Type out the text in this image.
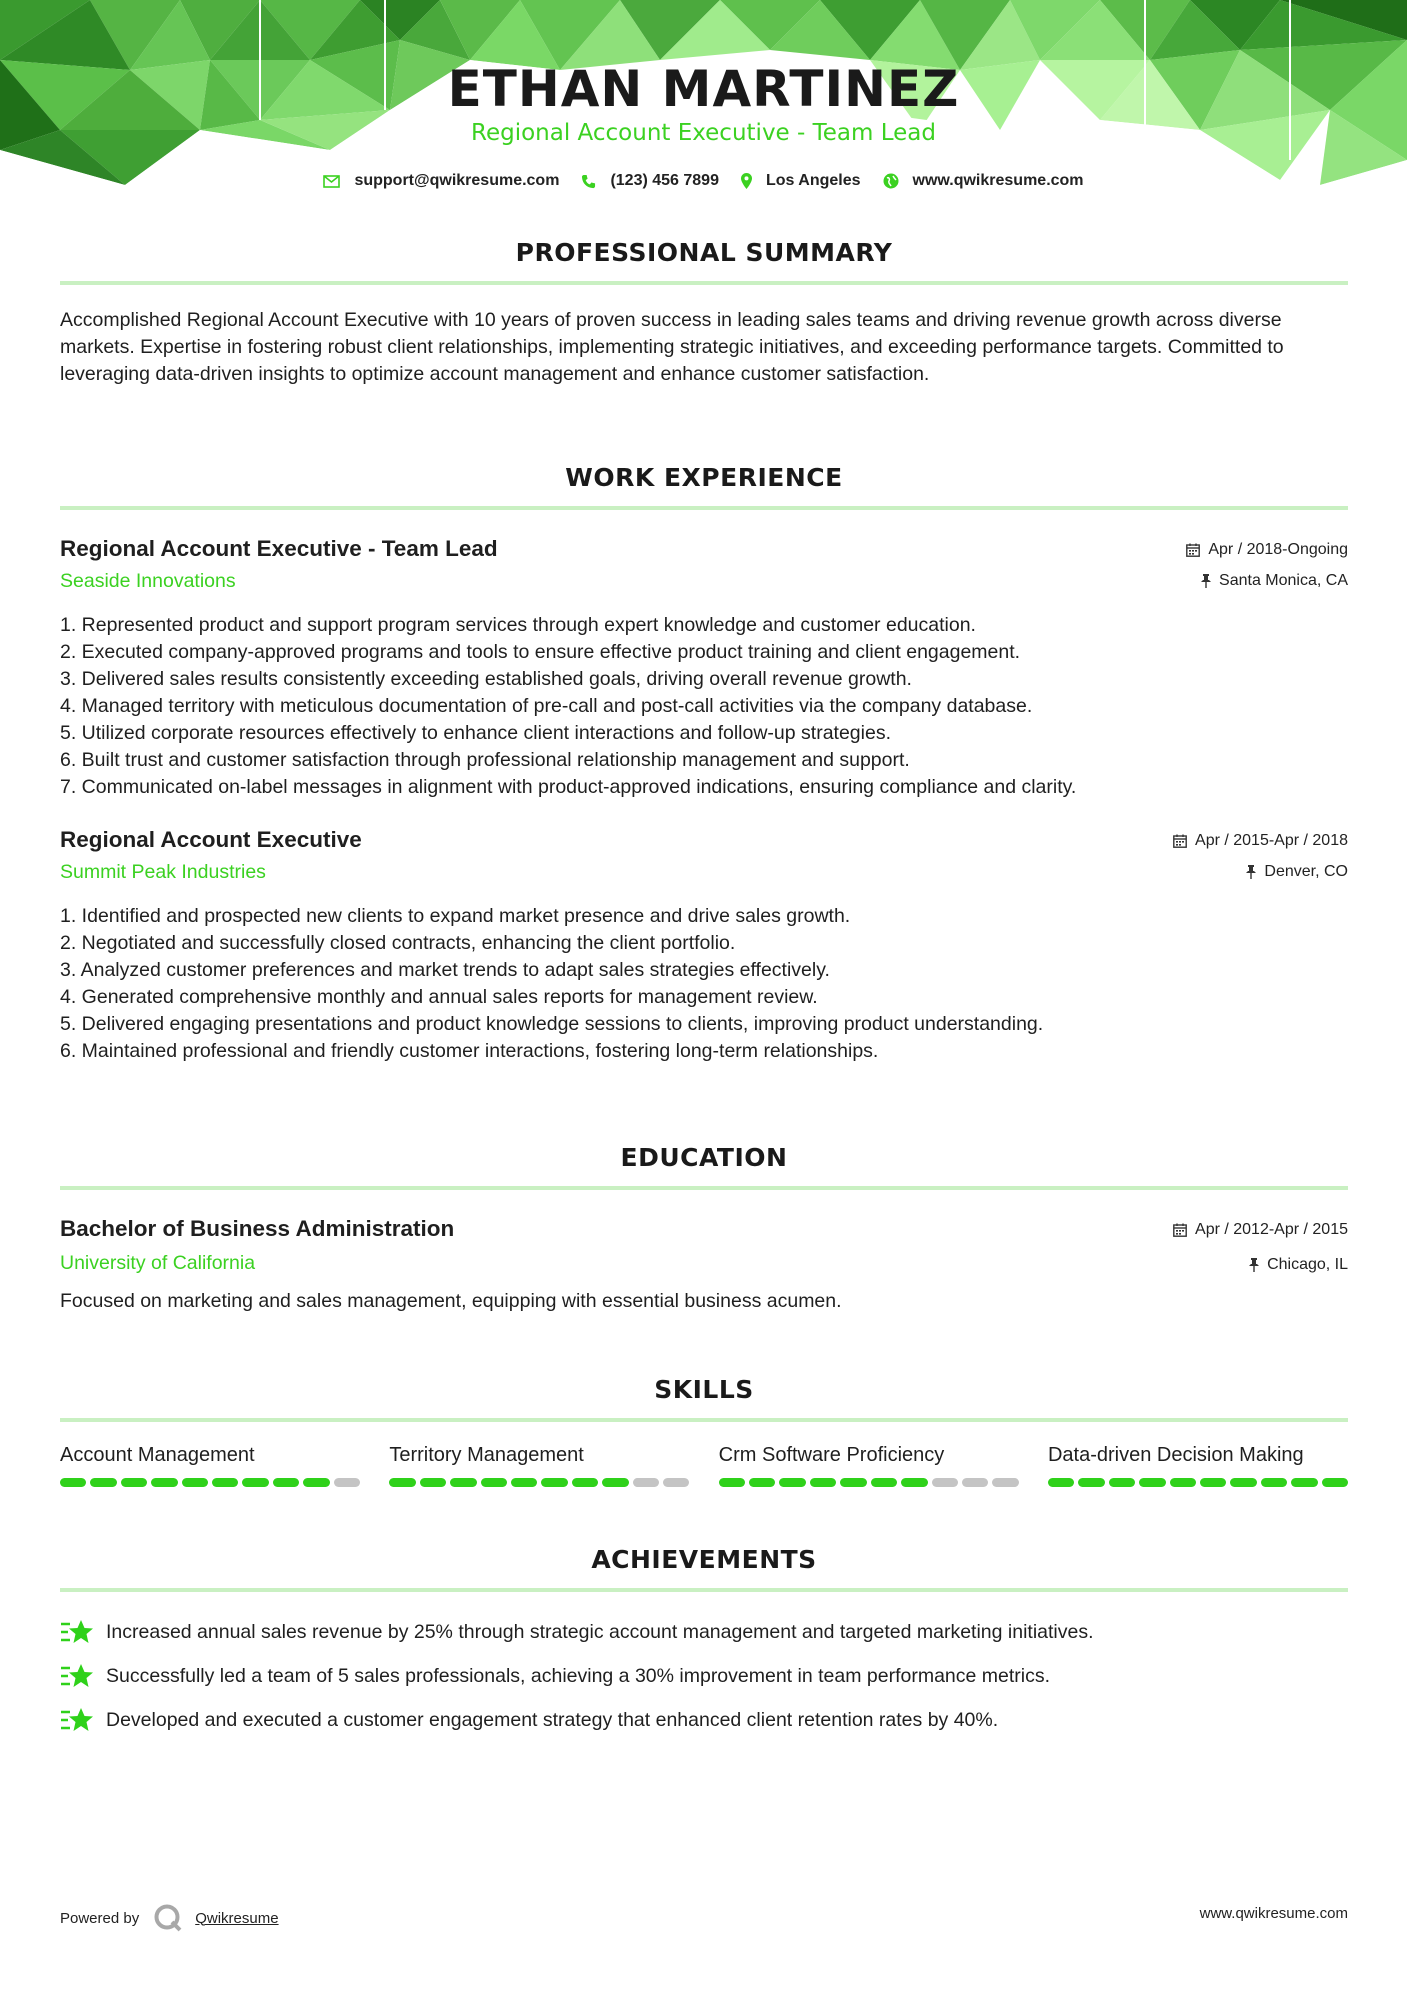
ETHAN MARTINEZ
Regional Account Executive - Team Lead
support@qwikresume.com	(123) 456 7899	Los Angeles	www.qwikresume.com
PROFESSIONAL SUMMARY
Accomplished Regional Account Executive with 10 years of proven success in leading sales teams and driving revenue growth across diverse markets. Expertise in fostering robust client relationships, implementing strategic initiatives, and exceeding performance targets. Committed to leveraging data-driven insights to optimize account management and enhance customer satisfaction.
WORK EXPERIENCE
Regional Account Executive - Team Lead
Seaside Innovations
Apr / 2018-Ongoing
Santa Monica, CA
1. Represented product and support program services through expert knowledge and customer education.
2. Executed company-approved programs and tools to ensure effective product training and client engagement.
3. Delivered sales results consistently exceeding established goals, driving overall revenue growth.
4. Managed territory with meticulous documentation of pre-call and post-call activities via the company database.
5. Utilized corporate resources effectively to enhance client interactions and follow-up strategies.
6. Built trust and customer satisfaction through professional relationship management and support.
7. Communicated on-label messages in alignment with product-approved indications, ensuring compliance and clarity.
Regional Account Executive
Summit Peak Industries
Apr / 2015-Apr / 2018
Denver, CO
1. Identified and prospected new clients to expand market presence and drive sales growth.
2. Negotiated and successfully closed contracts, enhancing the client portfolio.
3. Analyzed customer preferences and market trends to adapt sales strategies effectively.
4. Generated comprehensive monthly and annual sales reports for management review.
5. Delivered engaging presentations and product knowledge sessions to clients, improving product understanding.
6. Maintained professional and friendly customer interactions, fostering long-term relationships.
EDUCATION
Bachelor of Business Administration
University of California
Apr / 2012-Apr / 2015
Chicago, IL
Focused on marketing and sales management, equipping with essential business acumen.
SKILLS
Account Management	Territory Management	Crm Software Proficiency	Data-driven Decision Making
ACHIEVEMENTS
Increased annual sales revenue by 25% through strategic account management and targeted marketing initiatives.
Successfully led a team of 5 sales professionals, achieving a 30% improvement in team performance metrics.
Developed and executed a customer engagement strategy that enhanced client retention rates by 40%.
Powered by	Qwikresume	www.qwikresume.com
